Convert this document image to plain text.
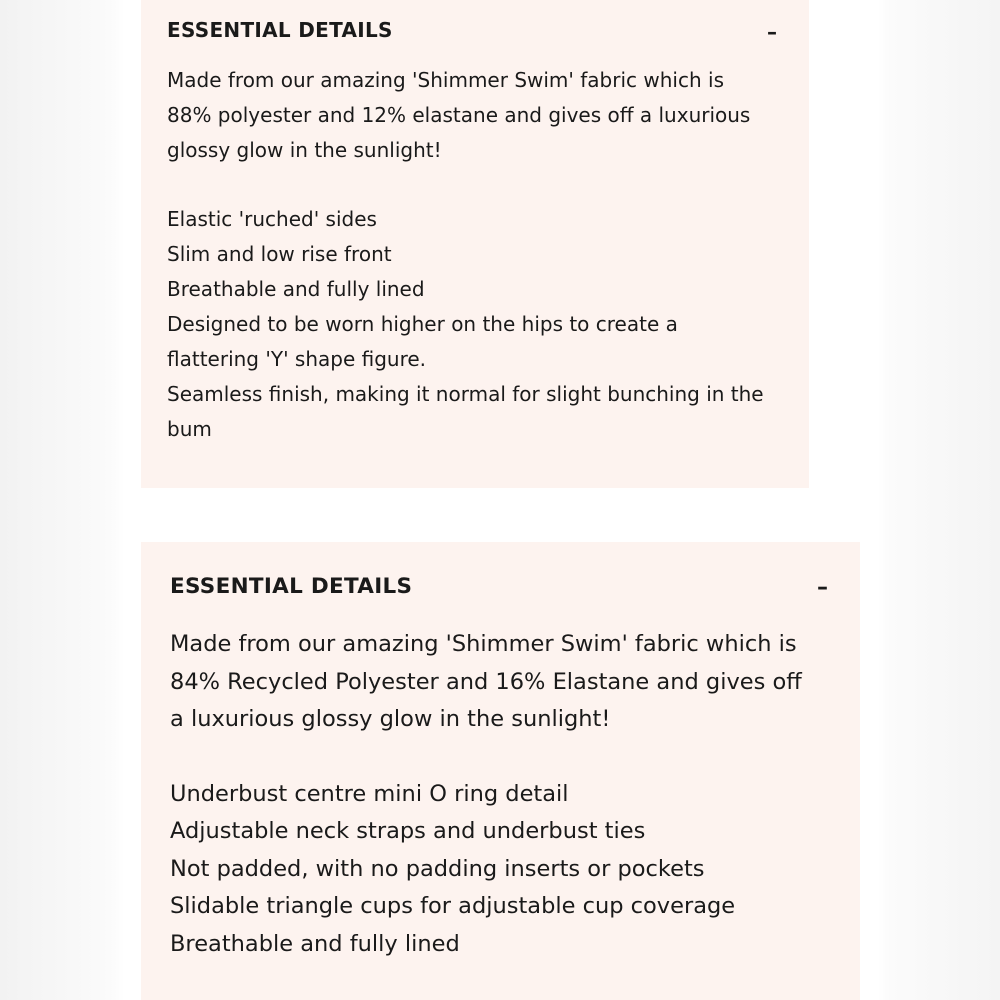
ESSENTIAL DETAILS	–

Made from our amazing 'Shimmer Swim' fabric which is 88% polyester and 12% elastane and gives off a luxurious glossy glow in the sunlight!

Elastic 'ruched' sides
Slim and low rise front
Breathable and fully lined
Designed to be worn higher on the hips to create a flattering 'Y' shape figure.
Seamless finish, making it normal for slight bunching in the bum
ESSENTIAL DETAILS	–

Made from our amazing 'Shimmer Swim' fabric which is 84% Recycled Polyester and 16% Elastane and gives off a luxurious glossy glow in the sunlight!

Underbust centre mini O ring detail
Adjustable neck straps and underbust ties
Not padded, with no padding inserts or pockets
Slidable triangle cups for adjustable cup coverage
Breathable and fully lined
